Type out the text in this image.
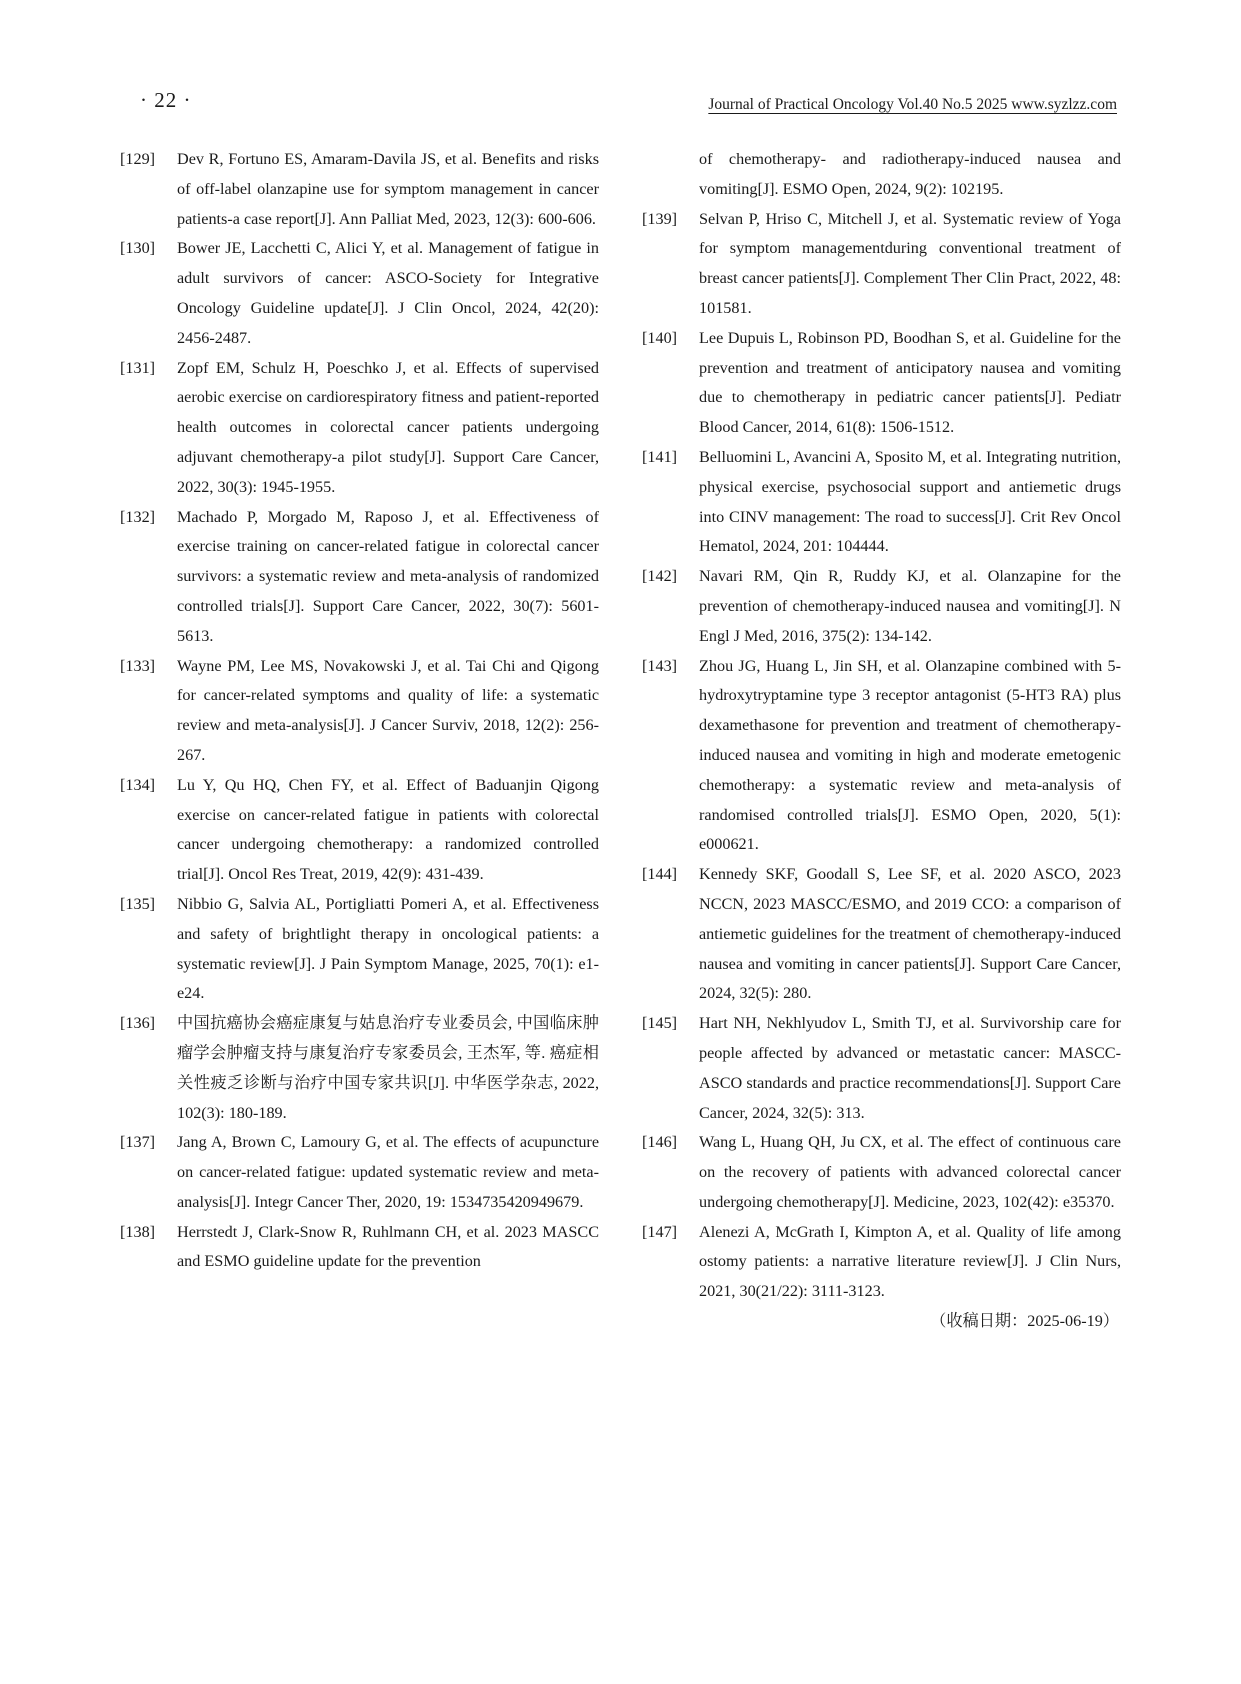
· 22 ·	Journal of Practical Oncology Vol.40 No.5 2025 www.syzlzz.com
[129] Dev R, Fortuno ES, Amaram-Davila JS, et al. Benefits and risks of off-label olanzapine use for symptom management in cancer patients-a case report[J]. Ann Palliat Med, 2023, 12(3): 600-606.
[130] Bower JE, Lacchetti C, Alici Y, et al. Management of fatigue in adult survivors of cancer: ASCO-Society for Integrative Oncology Guideline update[J]. J Clin Oncol, 2024, 42(20): 2456-2487.
[131] Zopf EM, Schulz H, Poeschko J, et al. Effects of supervised aerobic exercise on cardiorespiratory fitness and patient-reported health outcomes in colorectal cancer patients undergoing adjuvant chemotherapy-a pilot study[J]. Support Care Cancer, 2022, 30(3): 1945-1955.
[132] Machado P, Morgado M, Raposo J, et al. Effectiveness of exercise training on cancer-related fatigue in colorectal cancer survivors: a systematic review and meta-analysis of randomized controlled trials[J]. Support Care Cancer, 2022, 30(7): 5601-5613.
[133] Wayne PM, Lee MS, Novakowski J, et al. Tai Chi and Qigong for cancer-related symptoms and quality of life: a systematic review and meta-analysis[J]. J Cancer Surviv, 2018, 12(2): 256-267.
[134] Lu Y, Qu HQ, Chen FY, et al. Effect of Baduanjin Qigong exercise on cancer-related fatigue in patients with colorectal cancer undergoing chemotherapy: a randomized controlled trial[J]. Oncol Res Treat, 2019, 42(9): 431-439.
[135] Nibbio G, Salvia AL, Portigliatti Pomeri A, et al. Effectiveness and safety of brightlight therapy in oncological patients: a systematic review[J]. J Pain Symptom Manage, 2025, 70(1): e1-e24.
[136] 中国抗癌协会癌症康复与姑息治疗专业委员会, 中国临床肿瘤学会肿瘤支持与康复治疗专家委员会, 王杰军, 等. 癌症相关性疲乏诊断与治疗中国专家共识[J]. 中华医学杂志, 2022, 102(3): 180-189.
[137] Jang A, Brown C, Lamoury G, et al. The effects of acupuncture on cancer-related fatigue: updated systematic review and meta-analysis[J]. Integr Cancer Ther, 2020, 19: 1534735420949679.
[138] Herrstedt J, Clark-Snow R, Ruhlmann CH, et al. 2023 MASCC and ESMO guideline update for the prevention
of chemotherapy- and radiotherapy-induced nausea and vomiting[J]. ESMO Open, 2024, 9(2): 102195.
[139] Selvan P, Hriso C, Mitchell J, et al. Systematic review of Yoga for symptom managementduring conventional treatment of breast cancer patients[J]. Complement Ther Clin Pract, 2022, 48: 101581.
[140] Lee Dupuis L, Robinson PD, Boodhan S, et al. Guideline for the prevention and treatment of anticipatory nausea and vomiting due to chemotherapy in pediatric cancer patients[J]. Pediatr Blood Cancer, 2014, 61(8): 1506-1512.
[141] Belluomini L, Avancini A, Sposito M, et al. Integrating nutrition, physical exercise, psychosocial support and antiemetic drugs into CINV management: The road to success[J]. Crit Rev Oncol Hematol, 2024, 201: 104444.
[142] Navari RM, Qin R, Ruddy KJ, et al. Olanzapine for the prevention of chemotherapy-induced nausea and vomiting[J]. N Engl J Med, 2016, 375(2): 134-142.
[143] Zhou JG, Huang L, Jin SH, et al. Olanzapine combined with 5-hydroxytryptamine type 3 receptor antagonist (5-HT3 RA) plus dexamethasone for prevention and treatment of chemotherapy-induced nausea and vomiting in high and moderate emetogenic chemotherapy: a systematic review and meta-analysis of randomised controlled trials[J]. ESMO Open, 2020, 5(1): e000621.
[144] Kennedy SKF, Goodall S, Lee SF, et al. 2020 ASCO, 2023 NCCN, 2023 MASCC/ESMO, and 2019 CCO: a comparison of antiemetic guidelines for the treatment of chemotherapy-induced nausea and vomiting in cancer patients[J]. Support Care Cancer, 2024, 32(5): 280.
[145] Hart NH, Nekhlyudov L, Smith TJ, et al. Survivorship care for people affected by advanced or metastatic cancer: MASCC-ASCO standards and practice recommendations[J]. Support Care Cancer, 2024, 32(5): 313.
[146] Wang L, Huang QH, Ju CX, et al. The effect of continuous care on the recovery of patients with advanced colorectal cancer undergoing chemotherapy[J]. Medicine, 2023, 102(42): e35370.
[147] Alenezi A, McGrath I, Kimpton A, et al. Quality of life among ostomy patients: a narrative literature review[J]. J Clin Nurs, 2021, 30(21/22): 3111-3123.
（收稿日期：2025-06-19）
